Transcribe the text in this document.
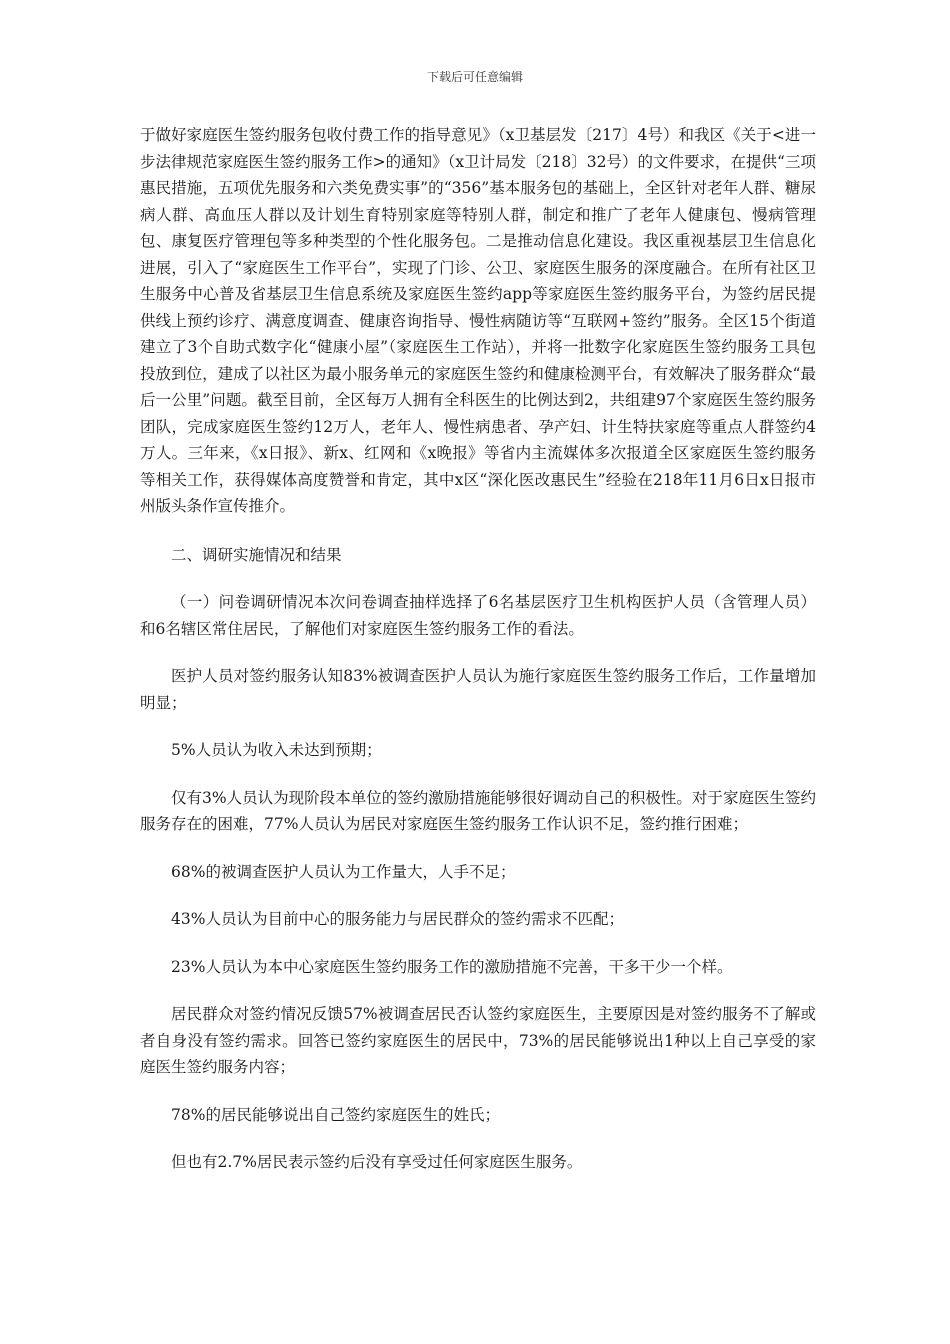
下载后可任意编辑

于做好家庭医生签约服务包收付费工作的指导意见》（x卫基层发〔217〕4号）和我区《关于<进一步法律规范家庭医生签约服务工作>的通知》（x卫计局发〔218〕32号）的文件要求，在提供“三项惠民措施，五项优先服务和六类免费实事”的“356”基本服务包的基础上，全区针对老年人群、糖尿病人群、高血压人群以及计划生育特别家庭等特别人群，制定和推广了老年人健康包、慢病管理包、康复医疗管理包等多种类型的个性化服务包。二是推动信息化建设。我区重视基层卫生信息化进展，引入了“家庭医生工作平台”，实现了门诊、公卫、家庭医生服务的深度融合。在所有社区卫生服务中心普及省基层卫生信息系统及家庭医生签约app等家庭医生签约服务平台，为签约居民提供线上预约诊疗、满意度调查、健康咨询指导、慢性病随访等“互联网+签约”服务。全区15个街道建立了3个自助式数字化“健康小屋”（家庭医生工作站），并将一批数字化家庭医生签约服务工具包投放到位，建成了以社区为最小服务单元的家庭医生签约和健康检测平台，有效解决了服务群众“最后一公里”问题。截至目前，全区每万人拥有全科医生的比例达到2，共组建97个家庭医生签约服务团队，完成家庭医生签约12万人，老年人、慢性病患者、孕产妇、计生特扶家庭等重点人群签约4万人。三年来，《x日报》、新x、红网和《x晚报》等省内主流媒体多次报道全区家庭医生签约服务等相关工作，获得媒体高度赞誉和肯定，其中x区“深化医改惠民生”经验在218年11月6日x日报市州版头条作宣传推介。

二、调研实施情况和结果

（一）问卷调研情况本次问卷调查抽样选择了6名基层医疗卫生机构医护人员（含管理人员）和6名辖区常住居民，了解他们对家庭医生签约服务工作的看法。

医护人员对签约服务认知83%被调查医护人员认为施行家庭医生签约服务工作后，工作量增加明显；

5%人员认为收入未达到预期；

仅有3%人员认为现阶段本单位的签约激励措施能够很好调动自己的积极性。对于家庭医生签约服务存在的困难，77%人员认为居民对家庭医生签约服务工作认识不足，签约推行困难；

68%的被调查医护人员认为工作量大，人手不足；

43%人员认为目前中心的服务能力与居民群众的签约需求不匹配；

23%人员认为本中心家庭医生签约服务工作的激励措施不完善，干多干少一个样。

居民群众对签约情况反馈57%被调查居民否认签约家庭医生，主要原因是对签约服务不了解或者自身没有签约需求。回答已签约家庭医生的居民中，73%的居民能够说出1种以上自己享受的家庭医生签约服务内容；

78%的居民能够说出自己签约家庭医生的姓氏；

但也有2.7%居民表示签约后没有享受过任何家庭医生服务。
